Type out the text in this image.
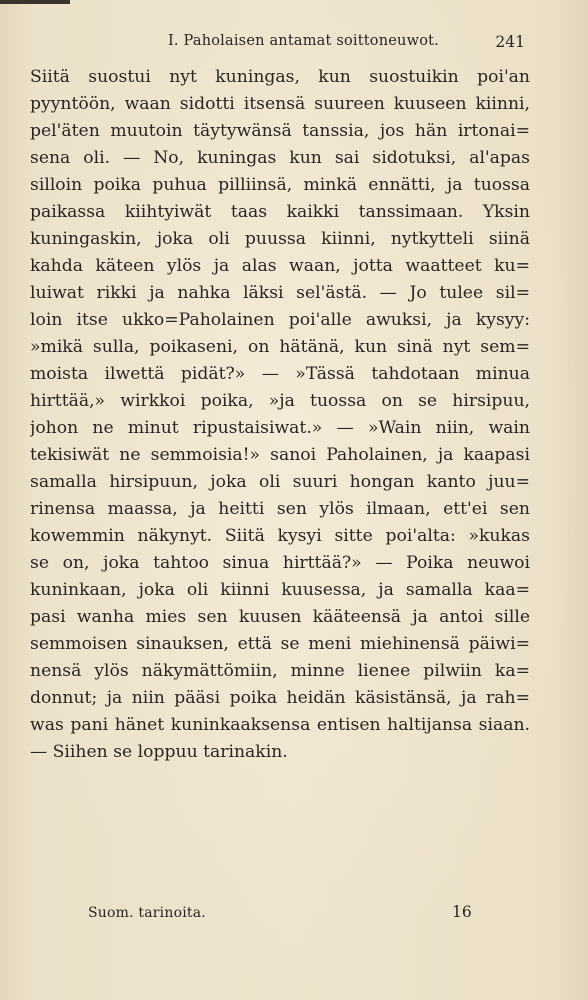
I. Paholaisen antamat soittoneuwot.	241
Siitä suostui nyt kuningas, kun suostuikin poi'an
pyyntöön, waan sidotti itsensä suureen kuuseen kiinni,
pel'äten muutoin täytywänsä tanssia, jos hän irtonai=
sena oli. — No, kuningas kun sai sidotuksi, al'apas
silloin poika puhua pilliinsä, minkä ennätti, ja tuossa
paikassa kiihtyiwät taas kaikki tanssimaan. Yksin
kuningaskin, joka oli puussa kiinni, nytkytteli siinä
kahda käteen ylös ja alas waan, jotta waatteet ku=
luiwat rikki ja nahka läksi sel'ästä. — Jo tulee sil=
loin itse ukko=Paholainen poi'alle awuksi, ja kysyy:
»mikä sulla, poikaseni, on hätänä, kun sinä nyt sem=
moista ilwettä pidät?» — »Tässä tahdotaan minua
hirttää,» wirkkoi poika, »ja tuossa on se hirsipuu,
johon ne minut ripustaisiwat.» — »Wain niin, wain
tekisiwät ne semmoisia!» sanoi Paholainen, ja kaapasi
samalla hirsipuun, joka oli suuri hongan kanto juu=
rinensa maassa, ja heitti sen ylös ilmaan, ett'ei sen
kowemmin näkynyt. Siitä kysyi sitte poi'alta: »kukas
se on, joka tahtoo sinua hirttää?» — Poika neuwoi
kuninkaan, joka oli kiinni kuusessa, ja samalla kaa=
pasi wanha mies sen kuusen kääteensä ja antoi sille
semmoisen sinauksen, että se meni miehinensä päiwi=
nensä ylös näkymättömiin, minne lienee pilwiin ka=
donnut; ja niin pääsi poika heidän käsistänsä, ja rah=
was pani hänet kuninkaaksensa entisen haltijansa siaan.
— Siihen se loppuu tarinakin.
Suom. tarinoita.	16
